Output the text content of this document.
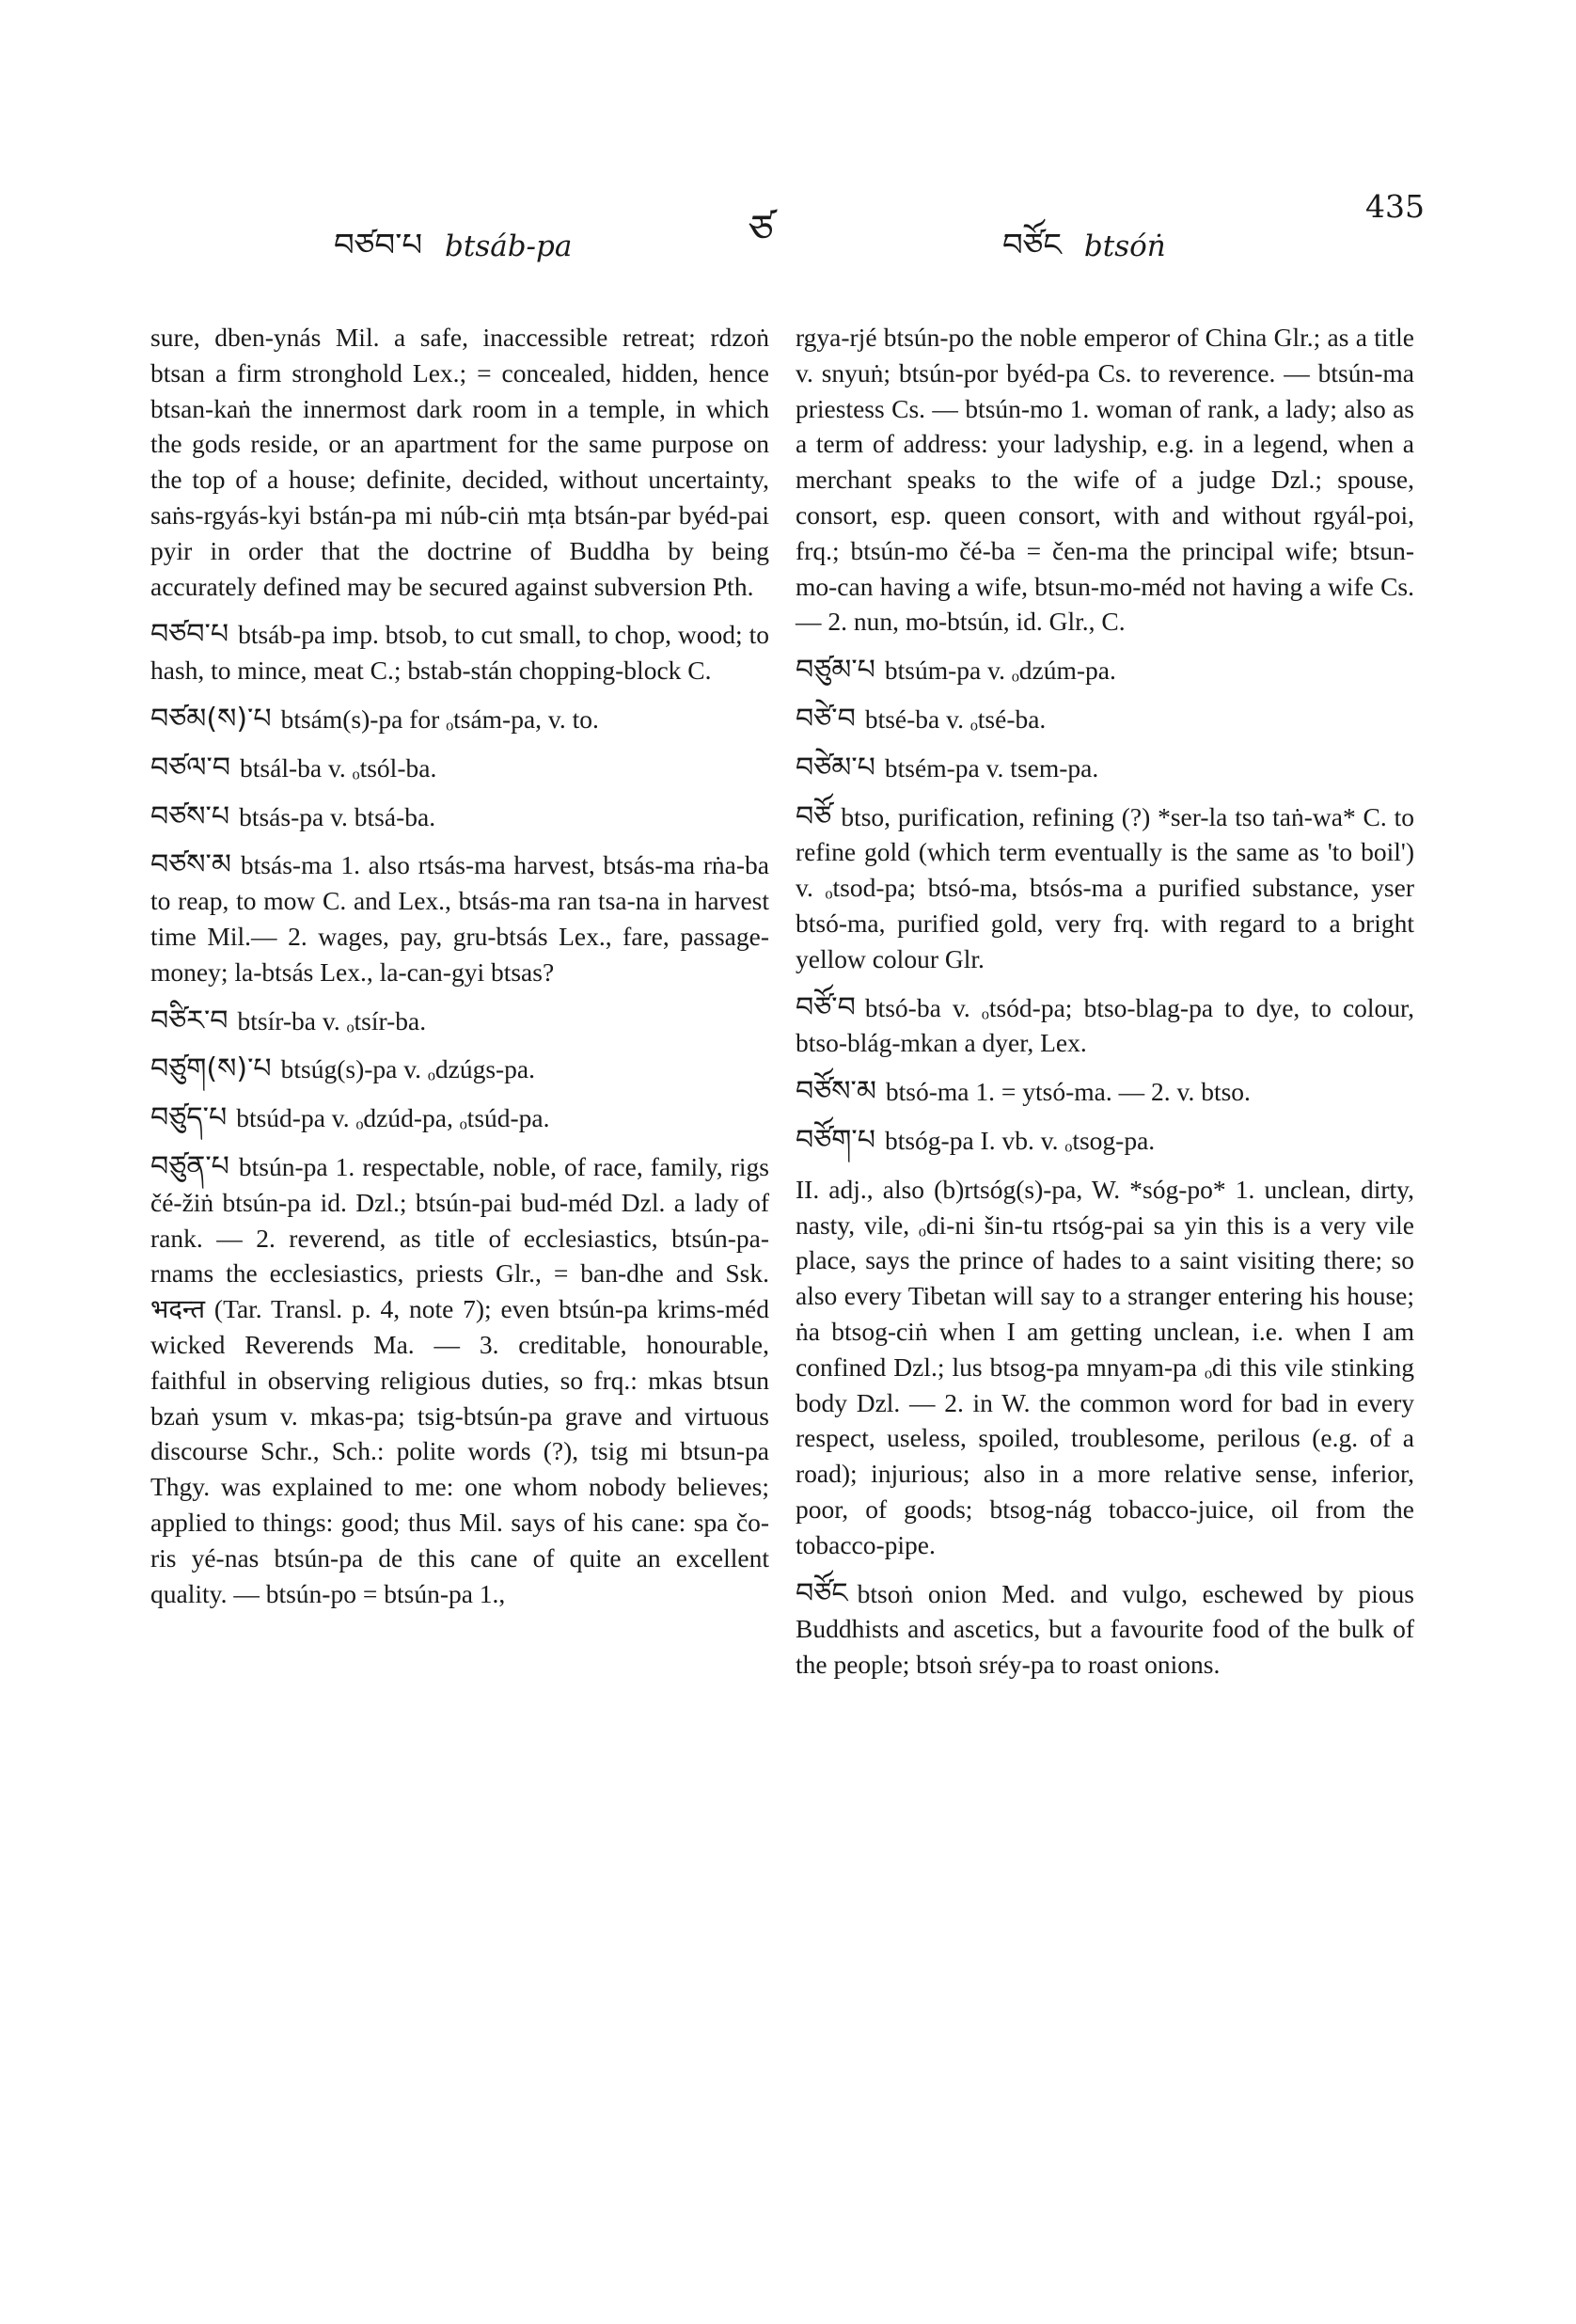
བཙབ་པ btsáb-pa	ཙ	བཙོང btsóṅ
435

sure, dben-ynás Mil. a safe, inaccessible retreat; rdzoṅ btsan a firm stronghold Lex.; = concealed, hidden, hence btsan-kaṅ the innermost dark room in a temple, in which the gods reside, or an apartment for the same purpose on the top of a house; definite, decided, without uncertainty, saṅs-rgyás-kyi bstán-pa mi núb-ciṅ mṭa btsán-par byéd-pai pyir in order that the doctrine of Buddha by being accurately defined may be secured against subversion Pth.

བཙབ་པ btsáb-pa imp. btsob, to cut small, to chop, wood; to hash, to mince, meat C.; bstab-stán chopping-block C.

བཙམ(ས)་པ btsám(s)-pa for ₒtsám-pa, v. to.

བཙལ་བ btsál-ba v. ₒtsól-ba.

བཙས་པ btsás-pa v. btsá-ba.

བཙས་མ btsás-ma 1. also rtsás-ma harvest, btsás-ma rṅa-ba to reap, to mow C. and Lex., btsás-ma ran tsa-na in harvest time Mil.— 2. wages, pay, gru-btsás Lex., fare, passage-money; la-btsás Lex., la-can-gyi btsas?

བཙིར་བ btsír-ba v. ₒtsír-ba.

བཙུག(ས)་པ btsúg(s)-pa v. ₒdzúgs-pa.

བཙུད་པ btsúd-pa v. ₒdzúd-pa, ₒtsúd-pa.

བཙུན་པ btsún-pa 1. respectable, noble, of race, family, rigs čé-žiṅ btsún-pa id. Dzl.; btsún-pai bud-méd Dzl. a lady of rank. — 2. reverend, as title of ecclesiastics, btsún-pa-rnams the ecclesiastics, priests Glr., = ban-dhe and Ssk. भदन्त (Tar. Transl. p. 4, note 7); even btsún-pa krims-méd wicked Reverends Ma. — 3. creditable, honourable, faithful in observing religious duties, so frq.: mkas btsun bzaṅ ysum v. mkas-pa; tsig-btsún-pa grave and virtuous discourse Schr., Sch.: polite words (?), tsig mi btsun-pa Thgy. was explained to me: one whom nobody believes; applied to things: good; thus Mil. says of his cane: spa čo-ris yé-nas btsún-pa de this cane of quite an excellent quality. — btsún-po = btsún-pa 1.,

rgya-rjé btsún-po the noble emperor of China Glr.; as a title v. snyuṅ; btsún-por byéd-pa Cs. to reverence. — btsún-ma priestess Cs. — btsún-mo 1. woman of rank, a lady; also as a term of address: your ladyship, e.g. in a legend, when a merchant speaks to the wife of a judge Dzl.; spouse, consort, esp. queen consort, with and without rgyál-poi, frq.; btsún-mo čé-ba = čen-ma the principal wife; btsun-mo-can having a wife, btsun-mo-méd not having a wife Cs. — 2. nun, mo-btsún, id. Glr., C.

བཙུམ་པ btsúm-pa v. ₒdzúm-pa.

བཙེ་བ btsé-ba v. ₒtsé-ba.

བཙེམ་པ btsém-pa v. tsem-pa.

བཙོ btso, purification, refining (?) *ser-la tso taṅ-wa* C. to refine gold (which term eventually is the same as 'to boil') v. ₒtsod-pa; btsó-ma, btsós-ma a purified substance, yser btsó-ma, purified gold, very frq. with regard to a bright yellow colour Glr.

བཙོ་བ btsó-ba v. ₒtsód-pa; btso-blag-pa to dye, to colour, btso-blág-mkan a dyer, Lex.

བཙོས་མ btsó-ma 1. = ytsó-ma. — 2. v. btso.

བཙོག་པ btsóg-pa I. vb. v. ₒtsog-pa.

II. adj., also (b)rtsóg(s)-pa, W. *sóg-po* 1. unclean, dirty, nasty, vile, ₒdi-ni šin-tu rtsóg-pai sa yin this is a very vile place, says the prince of hades to a saint visiting there; so also every Tibetan will say to a stranger entering his house; ṅa btsog-ciṅ when I am getting unclean, i.e. when I am confined Dzl.; lus btsog-pa mnyam-pa ₒdi this vile stinking body Dzl. — 2. in W. the common word for bad in every respect, useless, spoiled, troublesome, perilous (e.g. of a road); injurious; also in a more relative sense, inferior, poor, of goods; btsog-nág tobacco-juice, oil from the tobacco-pipe.

བཙོང btsoṅ onion Med. and vulgo, eschewed by pious Buddhists and ascetics, but a favourite food of the bulk of the people; btsoṅ sréy-pa to roast onions.
